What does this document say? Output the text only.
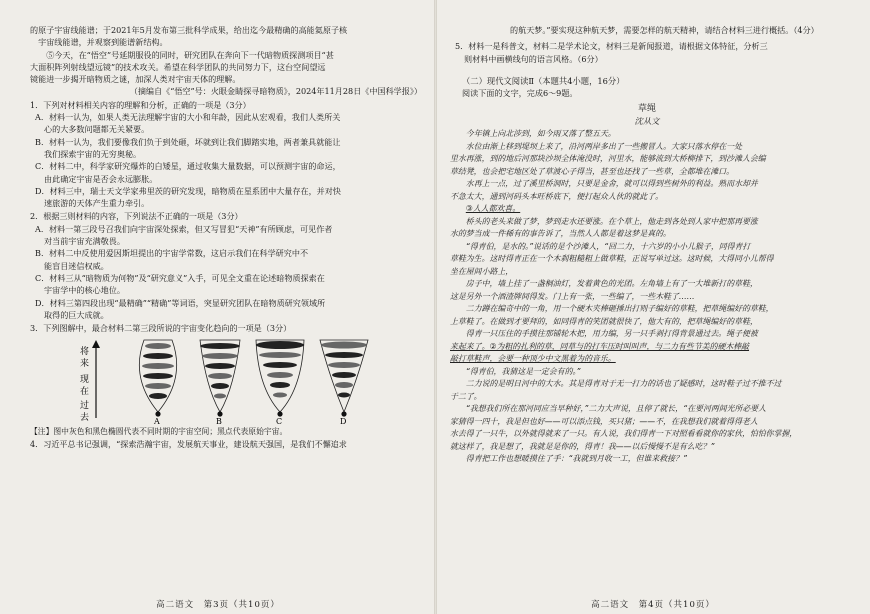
的原子宇宙线能谱；于2021年5月发布第三批科学成果，给出迄今最精确的高能氦原子核

宇宙线能谱，并观察到能谱新结构。

⑤今天，在“悟空”号延期服役的同时，研究团队在奔向下一代暗物质探测项目“甚

大面积阵列射线望远镜”的技术攻关。希望在科学团队的共同努力下，这台空间望远

镜能进一步揭开暗物质之谜，加深人类对宇宙天体的理解。

（摘编自《“悟空”号：火眼金睛探寻暗物质》，2024年11月28日《中国科学报》）

1．下列对材料相关内容的理解和分析，正确的一项是（3分）

A．材料一认为，如果人类无法理解宇宙的大小和年龄，因此从宏观看，我们人类所关

心的大多数问题都无关紧要。

B．材料一认为，我们要像我们负于到处砸，坏就到让我们脚踏实地，两者兼具就能让

我们探索宇宙的无穷奥秘。

C．材料二中，科学家研究爆炸的白矮星，通过收集大量数据，可以预测宇宙的命运，

由此确定宇宙是否会永远膨胀。

D．材料三中，瑞士天文学家弗里茨的研究发现，暗物质在星系团中大量存在，并对快

速旅游的天体产生重力牵引。

2．根据三则材料的内容，下列说法不正确的一项是（3分）

A．材料一第三段号召我们向宇宙深处探索，但又写冒犯“天神”有所顾虑，可见作者

对当前宇宙充满敬畏。

B．材料二中反使用爱因斯坦提出的宇宙学常数，这启示我们在科学研究中不

能盲目迷信权威。

C．材料三从“暗物质为何物”及“研究意义”入手，可见全文重在论述暗物质探索在

宇宙学中的核心地位。

D．材料三第四段出现“最精确”“精确”等词语，突显研究团队在暗物质研究领域所

取得的巨大成就。

3．下列图解中，最合材料二第三段所说的宇宙变化趋向的一项是（3分）

将
来
现
在
过
去	A	B	C	D

【注】图中灰色和黑色椭圆代表不同时期的宇宙空间；黑点代表原始宇宙。

4．习近平总书记强调，“探索浩瀚宇宙，发展航天事业，建设航天强国，是我们不懈追求

高二语文　第3页（共10页）

的航天梦。”要实现这种航天梦，需要怎样的航天精神，请结合材料三进行概括。（4分）

5．材料一是科普文，材料二是学术论文，材料三是新闻报道，请根据文体特征，分析三

则材料中画横线句的语言风格。（6分）

（二）现代文阅读Ⅱ（本题共4小题，16分）

阅读下面的文字，完成6～9题。

草绳

沈从文

今年镇上向北涉到，如今雨又落了整五天。

水位由渐上移到堤坝上来了，沿河两岸多出了一些搬冒人。大家只落水停在一处

里水再涨，到的地后河那块沙坝全体淹没时，河里水，能够流到大桥柳排下，到沙滩人会编

草结凳，也会把宅地区处了草渡心子得当，甚至也还找了一些草，全都堆在滩口。

水再上一点，过了溪里桥洞时，只要是金舍，就可以得到些树外的利益。熟而水却并

不急太大，通到河码头本旺桥底下，便打起众人伙的就此了。

③人人都欢喜。

桥头的老头来做了梦，梦到走水还要涨。在个草上，他走到各处到人家中把那再要涨

水的梦当成一件稀有的事告诉了，当然人人都是着这梦是真的。

“得青伯，是水的。”说话的是个沙滩人，“回二力，十六岁的小小儿猴子，同得青打

草鞋为生。这时得青正在一个木刹粗糙粗上做草鞋，正说写单过这。这时候，大得同小儿帮得

坐在屋间小路上，

房子中，墙上挂了一盏桐油灯，发着黄色的光团。左角墙上有了一大堆新打的草鞋，

这是另外一个酒渣牌间得发。门上有一张，一些编了，一些木鞋了……

二力蹲在编奇中的一角，用一个硬木夹棒砸捶出打则子编好的草鞋，把草绳编好的草鞋，

上草鞋了。在做到才要拜的，如同得青的笑团就很快了，他大有的，把草绳编好的草鞋，

得青一只压住的手摸往那铺轮木把，用力编，另一只手剥打得背景通过去。绳子便被

来起来了。②为粗的扎利的草，同草与的打车压时叫叫声，与二力有些节美的硬木棒敲

敲打草鞋声，会要一种顶少中文黑着为的音乐。

“得青伯，我猜这是一定会有的。”

二力说的是明日河中的大水。其是得青对于无一打力的话也了疑感时，这时鞋子过不推不过

于二了。

“我想我们所在那河同应当早种好，”二力大声说，且停了就长，“在要河两间光所必要人

家猜得一四十，我是但也好——可以添点钱，买只猪；——不，在我想我们就着得得老人

水去得了一只牛，以外就得就来了一只。有人说，我们得青一下对照看看就你的家伙，怕怕你掌握，

就这样了，我是想了，我就是是你的，得青！我——以后慢慢不是有么吃？”

得青把工作也想暖摸住了手：“我就到月收一工，但谁来救接？”

高二语文　第4页（共10页）
